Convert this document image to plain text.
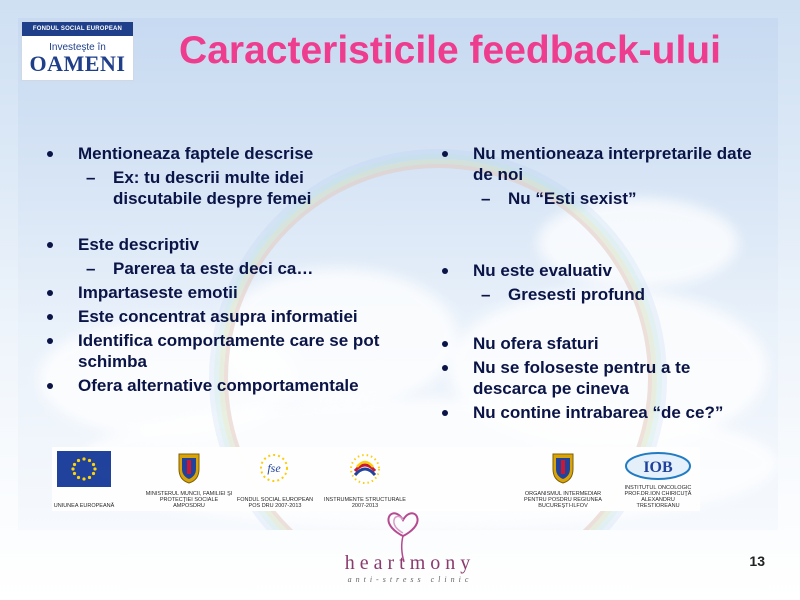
FONDUL SOCIAL EUROPEAN
Investeşte în
OAMENI Caracteristicile feedback-ului
Mentioneaza faptele descrise
– Ex: tu descrii multe idei discutabile despre femei
Este descriptiv
– Parerea ta este deci ca…
Impartaseste emotii
Este concentrat asupra informatiei
Identifica comportamente care se pot schimba
Ofera alternative comportamentale
Nu mentioneaza interpretarile date de noi
– Nu “Esti sexist”
Nu este evaluativ
– Gresesti profund
Nu ofera sfaturi
Nu se foloseste pentru a te descarca pe cineva
Nu contine intrabarea “de ce?”
UNIUNEA EUROPEANĂ
MINISTERUL MUNCII, FAMILIEI ŞI PROTECŢIEI SOCIALE AMPOSDRU
fse
FONDUL SOCIAL EUROPEAN POS DRU 2007-2013
INSTRUMENTE STRUCTURALE 2007-2013
ORGANISMUL INTERMEDIAR PENTRU POSDRU REGIUNEA BUCUREŞTI-ILFOV
IOB
INSTITUTUL ONCOLOGIC PROF.DR.ION CHIRICUŢĂ ALEXANDRU TRESTIOREANU
heartmony
anti-stress clinic
13
